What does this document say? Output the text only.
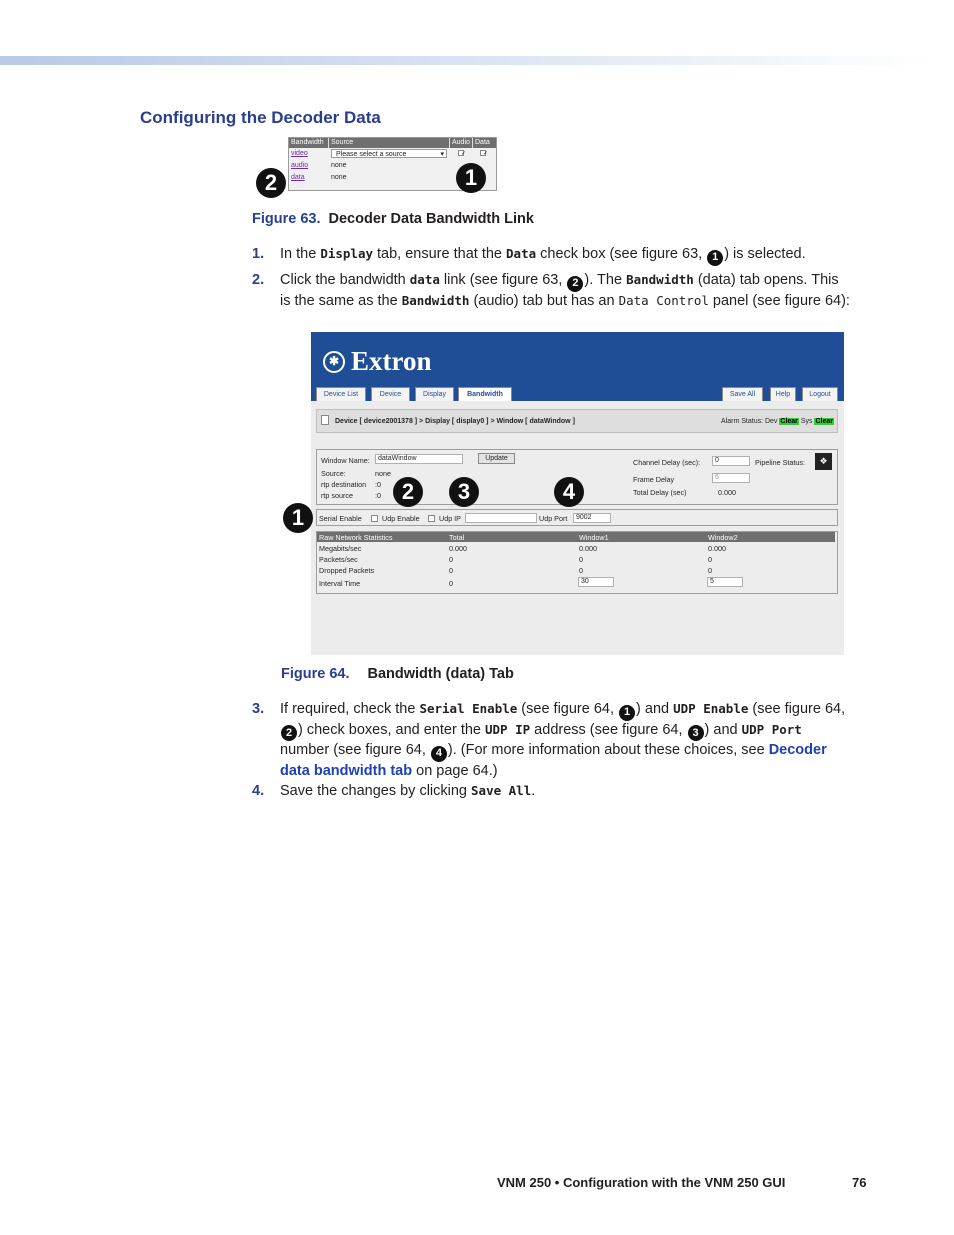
Configuring the Decoder Data
2
Bandwidth	Source	Audio Data
video	Please select a source	▾	✓	✓
audio	none
data	none	1
Figure 63. Decoder Data Bandwidth Link
1. In the Display tab, ensure that the Data check box (see figure 63, 1 ) is selected.
2. Click the bandwidth data link (see figure 63, 2 ). The Bandwidth (data) tab opens. This is the same as the Bandwidth (audio) tab but has an Data Control panel (see figure 64):
✱ Extron
Device List	Device	Display	Bandwidth	Save All	Help	Logout
Device [ device2001378 ] > Display [ display0 ] > Window [ dataWindow ]	Alarm Status: Dev Clear Sys Clear
Window Name:	dataWindow	Update
Source:	none
rtp destination :0
rtp source	:0
Channel Delay (sec):	0	Pipeline Status:	❖
Frame Delay	6
Total Delay (sec)	0.000
Serial Enable	Udp Enable	Udp IP	Udp Port	9002
Raw Network Statistics	Total	Window1	Window2
Megabits/sec	0.000	0.000	0.000
Packets/sec	0	0	0
Dropped Packets	0	0	0
Interval Time	0	30	5
1
2	3	4
Figure 64. Bandwidth (data) Tab
3. If required, check the Serial Enable (see figure 64, 1 ) and UDP Enable (see figure 64, 2 ) check boxes, and enter the UDP IP address (see figure 64, 3 ) and UDP Port number (see figure 64, 4 ). (For more information about these choices, see Decoder data bandwidth tab on page 64.)
4. Save the changes by clicking Save All.
VNM 250 • Configuration with the VNM 250 GUI	76
